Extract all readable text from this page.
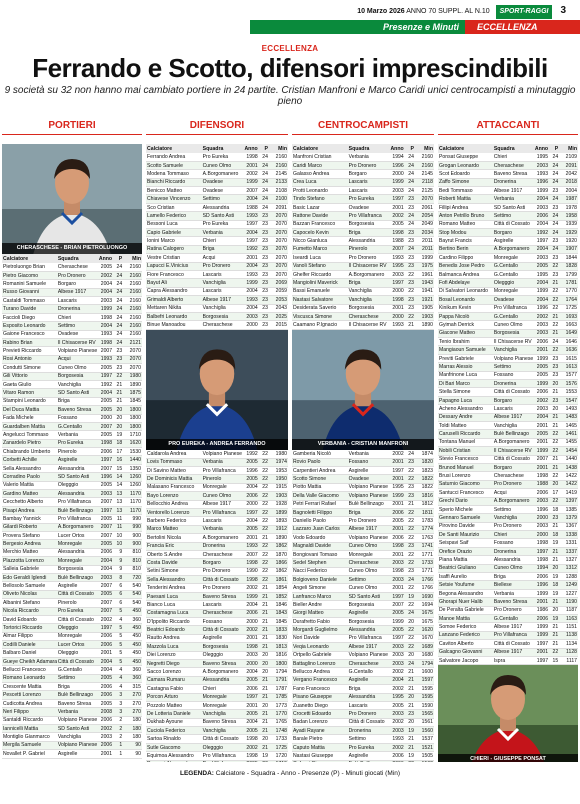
10 Marzo 2026 ANNO 70 SUPPL. AL N.10 SPORT-RAGGI 3
Presenze e Minuti	ECCELLENZA
ECCELLENZA
Ferrando e Scotto, difensori imprescindibili
9 società su 32 non hanno mai cambiato portiere in 24 partite. Cristian Manfroni e Marco Caridi unici centrocampisti a minutaggio pieno
PORTIERI	DIFENSORI	CENTROCAMPISTI	ATTACCANTI
CHERASCHESE - BRIAN PIETROLUONGO
Calciatore	Squadra	Anno	P	Min
Pietroluongo Brian	Cheraschese	2005	24	2160
Pietro Giacomo	Pro Dronero	2002	24	2160
Romanini Samuele	Borgaro	2004	24	2160
Russo Giovanni	Albese 1917	2004	24	2160
Castaldi Tommaso	Lascaris	2003	24	2160
Turano Davide	Dronerina	1999	24	2160
Faccioli Diego	Chieri	1998	24	2160
Esposito Leonardo	Settimo	2004	24	2160
Gaione Francesco	Ovadese	1993	24	2160
Rabino Brian	Il Chisacerse RV	1998	24	2121
Previeti Riccardo	Volpiano Pianese	2007	23	2070
Rosi Antonio	Acqui	1993	23	2070
Condutti Simone	Cuneo Olmo	2005	23	2070
Gili Vittorio	Borgosesia	1997	22	1980
Gaeta Giulio	Vanchiglia	1992	21	1890
Vitaro Ramon	SD Santo Asti	2004	21	1875
Stampini Leonardo	Briga	2005	21	1845
Del Duca Mattia	Baveno Stresa	2005	20	1800
Fada Michele	Fossano	2000	20	1800
Guardalben Mattia	G.Centallo	2007	20	1800
Angelucci Tommaso	Verbania	2005	19	1710
Zanardelo Pietro	Pro Eureka	1998	18	1620
Chiabrando Umberto	Pinerolo	2006	17	1530
Corbetti Achille	Asgirelle	1997	16	1440
Sella Alessandro	Alessandria	2007	15	1350
Corradino Paolo	SD Santo Asti	1996	14	1260
Valerio Mattia	Olegggio	2005	14	1260
Gardino Matteo	Alessandria	2003	13	1170
Cecchetto Alberto	Pro Villafranca	2007	13	1170
Pisapi Andrea	Bulè Bellinzago	1997	13	1170
Bambay Yannick	Pro Villafranca	2005	11	990
Gilardi Roberto	A.Borgomanero	2007	11	990
Provera Stefano	Lucer Ortos	2007	10	900
Bergesio Andrea	Monregale	2005	10	900
Merchio Matteo	Alessandria	2006	9	810
Plazzotta Lorenzo	Monregale	2004	9	810
Salleia Gabriele	Borgosesia	2004	9	810
Edo Geraldi Iglendi	Bulè Bellinzago	2003	8	720
Bellosolo Samuele	Asgirelle	2007	6	540
Oliveto Nicolas	Città di Cossato	2005	6	540
Albanini Stefano	Pinerolo	2007	6	540
Nicola Riccardo	Pro Eureka	2007	5	450
David Edoardo	Città di Cossato	2002	4	360
Tortorici Riccardo	Olegggio	1997	5	450
Almar Filippo	Monregale	2006	5	450
Codilli Daniele	Lucer Ortos	2006	5	450
Balbaro Daniel	Olegggio	2001	5	450
Gueye Cheikh Adamara	Città di Cossato	2004	5	450
Bellucci Francesco	G.Centallo	2004	4	360
Romano Leonardo	Settimo	2005	4	360
Crescente Mattia	Briga	2006	4	315
Pescetti Lorenzo	Bulè Bellinzago	2006	3	270
Cudicotta Andrea	Baveno Stresa	2005	3	270
Neri Filippo	Verbania	2008	3	270
Santaldi Riccardo	Volpiano Pianese	2006	2	180
Iannicelli Mattia	SD Santo Asti	2002	2	180
Montiglio Gianmarco	Vanchiglia	2003	2	180
Mergila Samuele	Volpiano Pianese	2006	1	90
Novallet P. Gabriel	Asgirelle	2001	1	90
Calciatore	Squadra	Anno	P	Min
Ferrando Andrea	Pro Eureka	1998	24	2160
Scotto Samuele	Cuneo Olmo	2001	24	2160
Modena Tommaso	A.Borgomanero	2002	24	2145
Bianchi Riccardo	Ovadese	1999	24	2133
Benicco Matteo	Ovadese	2007	24	2108
Chiavese Vincenzo	Settimo	2004	24	2100
Sco Cristian	Alessandria	1988	24	2091
Lamello Federico	SD Santo Asti	1993	23	2070
Bessoni Luca	Pro Eureka	1997	23	2070
Capio Gabriele	Verbania	2004	23	2070
Ionini Marco	Chieri	1997	23	2070
Ratina Calogero	Briga	1992	23	2070
Vestre Cristian	Acqui	2001	23	2070
Lapucci E.Vinicius	Pro Dronero	2004	23	2070
Fiore Francesco	Lascaris	1993	23	2070
Bayut Ali	Vanchiglia	1999	23	2069
Capra Alessandro	Lascaris	2004	23	2059
Grimaldi Alberto	Albese 1917	1993	23	2053
Mettaren Nikita	Vanchiglia	2004	23	2043
Balbefri Leonardo	Borgosesia	2003	23	2025
Binue Manoadou	Cheraschese	2000	23	2015
PRO EUREKA - ANDREA FERRANDO
Caldarola Andrea	Volpiano Pianese	1992	22	1980
Lovis Tommaso	Verbania	2005	22	1974
Di Savino Matteo	Pro Villafranca	1996	22	1953
De Dominicis Mattia	Pinerolo	2005	22	1950
Malasano Francesco	Monregale	2004	22	1915
Bayo Lorenzo	Cuneo Olmo	2006	22	1903
Bellocchio Andrea	Albese 1917	2000	22	1928
Ventorello Lorenzo	Pro Villafranca	1997	22	1899
Barbero Federico	Lascaris	2004	22	1893
Marco Matteo	Verbania	2005	22	1912
Bertolini Nicola	A.Borgomanero	2001	21	1890
Francia Eric	Dronerina	1993	22	1862
Oberto S.Andre	Cheraschese	2007	22	1870
Costa Davide	Borgaro	1998	22	1866
Setini Simone	Pro Dronero	1990	22	1862
Sella Alessandro	Città di Cossato	1998	22	1861
Tenderini Andrea	Pro Dronero	2002	21	1854
Paesani Luca	Baveno Stresa	1999	21	1852
Bianco Luca	Lascaris	2004	21	1846
Costamagna Luca	Cheraschese	2006	21	1843
D'Ippolito Riccardo	Fossano	2000	21	1845
Beatrici Edoardo	Città di Cossato	2002	21	1833
Rautto Andrea	Asgirelle	2001	21	1830
Mazzola Luca	Borgosesia	1998	21	1813
Diei Lorenzo	Olegggio	2003	20	1816
Negretti Diego	Baveno Stresa	2000	20	1800
Sacco Lorenzo	A.Borgomanero	2004	20	1794
Camara Rumaru	Alessandria	2005	21	1791
Castagna Fabio	Chieri	2006	21	1787
Porcon Arturo	Monregale	1997	21	1785
Pozzolo Matteo	Monregale	2001	20	1773
De Lotteria Daniele	Vanchiglia	2005	21	1770
Dukhab Ayoune	Baveno Stresa	2004	21	1765
Cuciola Federico	Vanchiglia	2005	21	1748
Sartoa Rinaldo	Città di Cossato	1998	20	1733
Sutle Giacomo	Olegggio	2002	21	1725
Equimoa Alessandro	Pro Villafranca	1998	19	1720

Calciatore	Squadra	Anno	P	Min
Manfroni Cristian	Verbania	1994	24	2160
Caridi Marco	Pro Dronero	1996	24	2160
Galasso Andrea	Borgaro	2000	24	2145
Crea Luca	Lascaris	1999	24	2118
Protti Leonardo	Lascaris	2003	24	2125
Tindo Stefano	Pro Eureka	1997	23	2070
Basic Lazar	Ovadese	2001	23	2061
Rattone Davide	Pro Villafranca	2002	24	2054
Bazzan Francesco	Borgosesia	2005	24	2049
Capocelo Kevin	Briga	1998	23	2034
Nicco Gianluca	Alessandria	1988	23	2011
Fumetto Marco	Pinerolo	2007	24	2011
Iseardi Luca	Pro Dronero	1993	23	1999
Vanoli Stefano	Il Chisacerse RV	1995	23	1975
Ghelfer Riccardo	A.Borgomanero	2003	22	1961
Mangiolini Maverick	Briga	1997	23	1943
Bassi Emanuele	Vanchiglia	2000	22	1941
Nastasi Salvatore	Vanchiglia	1998	23	1921
Desiderata Saverio	Borgosesia	2001	23	1905
Viscusca Simone	Cheraschese	2000	22	1903
Caamano P.Ignacio	Il Chisacerse RV	1993	21	1890
VERBANIA - CRISTIAN MANFRONI
Gamberia Nicolò	Verbania	2002	24	1874
Rovio Paolo	Fossano	2001	23	1820
Carpentieri Andrea	Asgirelle	1997	22	1823
Scotto Simone	Ovadese	2001	22	1822
Piotto Mattia	Volpiano Pianese	1995	23	1822
Della Valle Giacomo	Volpiano Pianese	1999	23	1816
Petri Ferrari Rafael	Bulè Bellinzago	2001	21	1812
Bagnoletti Filippo	Briga	2006	22	1811
Daniello Paolo	Pro Dronero	2005	22	1783
Lazzaro Juan Carlos	Albese 1917	2001	22	1774
Vodo Edoardo	Volpiano Pianese	2006	22	1763
Magnaldi Davide	Cuneo Olmo	1998	23	1741
Bongiovani Tomaso	Monregale	2001	22	1771
Sedel Stephen	Cheraschese	2003	22	1733
Nacci Federico	Cuneo Olmo	1998	23	1771
Bolgioveno Daniele	Settimo	2003	24	1766
Angeli Simone	Cuneo Olmo	2001	22	1766
Lanfranco Marco	SD Santo Asti	1997	19	1690
Bieller Andre	Borgosesia	2007	22	1694
Giorgi Matteo	Asgirelle	2005	24	1675
Durafretto Fabio	Borgosesia	1999	20	1675
Morgardi Guglielmo	Alessandria	2005	22	1620
Nori Davide	Pro Villafranca	1997	22	1670
Veqia Leonardo	Albese 1917	2003	22	1689
Ortpello Gabriele	Volpiano Pianese	2003	20	1680
Battaglino Lorenzo	Cheraschese	2003	24	1794
Bellucco Andrea	G.Centallo	2002	21	1600
Vergano Francesco	Asgirelle	2004	21	1597
Fano Francesco	Briga	2002	21	1595
Pisano Giuseppe	Alessandria	1995	20	1595
Zuanetto Diego	Lascaris	2005	21	1590
Crocetti Edoardo	Pro Dronero	2003	23	1565
Badan Lorenzo	Città di Cossato	2002	20	1561
Ayadi Rayane	Dronerina	2003	19	1560
Barale Pietro	Settimo	1993	21	1537
Caputo Mattia	Pro Eureka	2002	21	1521
Nastasi Giuseppe	Asgirelle	2006	19	1505

Calciatore	Squadra	Anno	P	Min
Ponsat Giuseppe	Chieri	1995	24	2109
Grogan Leonardo	Cheraschese	2003	24	2091
Scot Edoardo	Baveno Stresa	1993	24	2042
Zaffo Simone	Dronerina	1996	24	2018
Bedi Tommaso	Albese 1917	1999	23	2004
Roberti Mattia	Verbania	2004	24	1987
Fillipi Andrea	SD Santo Asti	2003	23	1978
Anton Petrillo Bruno	Settimo	2006	24	1958
Romano Matteo	Città di Cossato	2004	24	1939
Stop Modou	Borgaro	1992	24	1929
Bayrut Francis	Asgirelle	1997	23	1920
Bertino Berin	A.Borgomanero	2004	24	1907
Cardino Filippo	Monregale	2003	23	1844
Benedis Jose Pedro	G.Centallo	2005	22	1828
Balmanca Andrea	G.Centallo	1995	23	1799
Fofi Abdelaye	Olegggio	2004	21	1781
Di Salvatori Leonardo	Monregale	1999	22	1770
Bosal Leonardo	Ovadese	2004	22	1764
Kinikum Kevin	Pro Villafranca	1996	22	1725
Pappa Nicolò	G.Centallo	2002	21	1693
Gyimah Derrick	Cuneo Olmo	2003	22	1663
Giacone Matteo	Borgosesia	2003	21	1649
Tenio Ibrahim	Il Chisacerse RV	2006	24	1646
Mangiaoun Samuele	Vanchiglia	2001	22	1636
Previti Gabriele	Volpiano Pianese	1999	23	1615
Marras Alessio	Settimo	2005	23	1613
Manfrinone Luca	Fossano	2005	23	1577
Di Bari Marco	Dronerina	1999	20	1576
Stella Simone	Città di Cossato	2006	21	1553
Papagno Luca	Borgaro	2002	23	1547
Acheno Alessandro	Lascaris	2003	20	1493
Dessary Andre	Albese 1917	2004	21	1483
Toldi Matteo	Vanchiglia	2001	21	1465
Caruselli Riccardo	Bulè Bellinzago	2005	22	1461
Tontana Manuel	A.Borgomanero	2001	22	1455
Nobili Cristian	Il Chisacerse RV	1999	22	1454
Stevio Francesco	Città di Cossato	2007	21	1440
Brunod Manuel	Borgaro	2001	21	1438
Brusi Lorenzo	Cheraschese	1998	22	1422
Saturnio Giacomo	Pro Dronero	1988	20	1422
Santucci Francesco	Acqui	2006	17	1419
Grechi Dario	A.Borgomanero	2003	22	1397
Sperio Michele	Settimo	1996	18	1385
Gennaro Samuele	Vanchiglia	2000	23	1379
Pirovino Davide	Pro Dronero	2003	21	1367
De Santi Maurizio	Chieri	2000	18	1338
Seispavi Saif	Fossano	1998	19	1331
Orefice Orazio	Dronerina	1997	21	1337
Piana Mattia	Alessandria	1998	21	1327
Beatrici Giuliano	Cuneo Olmo	1994	20	1312
Isaffi Aurelio	Briga	2006	19	1288
Setsie Youfume	Biellese	1996	18	1249
Begona Alessandro	Verbania	1999	19	1227
Ghorapi Nuer Halib	Baveno Stresa	2001	21	1190
De Peralta Gabriele	Pro Dronero	1986	20	1187
Manoe Mattia	G.Centallo	2006	19	1163
Somoe Federico	Albese 1917	1999	21	1151
Lanzano Federico	Pro Villafranca	1999	21	1138
Caviton Alberto	Città di Cossato	1997	21	1134
Galcagno Giovanni	Albese 1917	2001	22	1128
Salvatore Jacopo	Ispra	1997	15	1117
CHIERI - GIUSEPPE PONSAT
LEGENDA: Calciatore - Squadra - Anno - Presenze (P) - Minuti giocati (Min)
